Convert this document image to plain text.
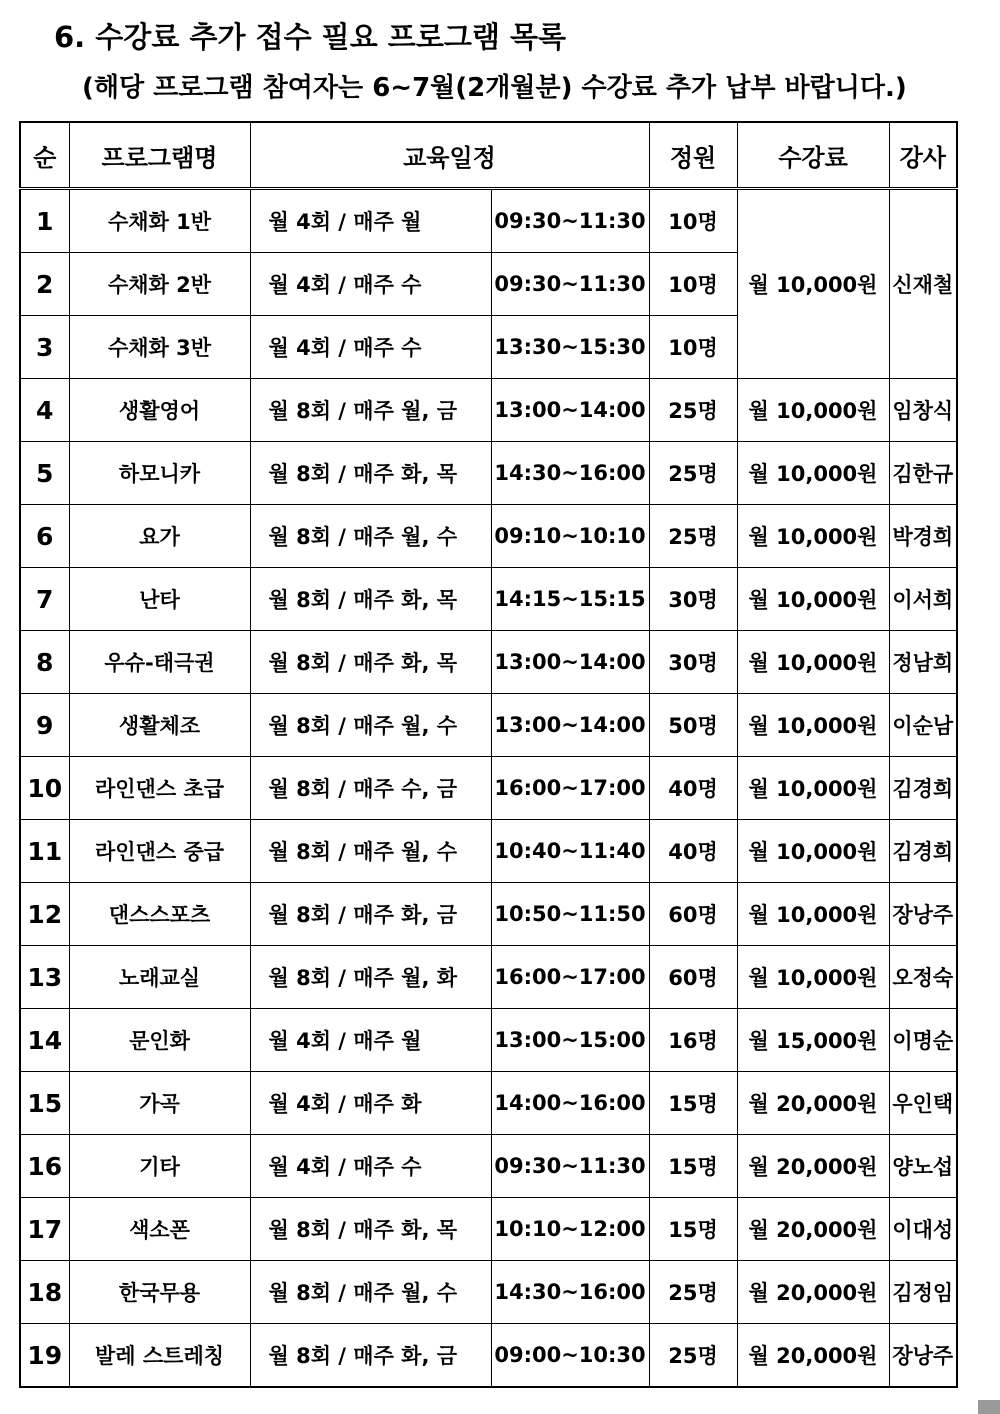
6. 수강료 추가 접수 필요 프로그램 목록
(해당 프로그램 참여자는 6~7월(2개월분) 수강료 추가 납부 바랍니다.)
순	프로그램명	교육일정		정원	수강료	강사
1	수채화 1반	월 4회 / 매주 월	09:30~11:30	10명	월 10,000원	신재철
2	수채화 2반	월 4회 / 매주 수	09:30~11:30	10명		
3	수채화 3반	월 4회 / 매주 수	13:30~15:30	10명		
4	생활영어	월 8회 / 매주 월, 금	13:00~14:00	25명	월 10,000원	임창식
5	하모니카	월 8회 / 매주 화, 목	14:30~16:00	25명	월 10,000원	김한규
6	요가	월 8회 / 매주 월, 수	09:10~10:10	25명	월 10,000원	박경희
7	난타	월 8회 / 매주 화, 목	14:15~15:15	30명	월 10,000원	이서희
8	우슈-태극권	월 8회 / 매주 화, 목	13:00~14:00	30명	월 10,000원	정남희
9	생활체조	월 8회 / 매주 월, 수	13:00~14:00	50명	월 10,000원	이순남
10	라인댄스 초급	월 8회 / 매주 수, 금	16:00~17:00	40명	월 10,000원	김경희
11	라인댄스 중급	월 8회 / 매주 월, 수	10:40~11:40	40명	월 10,000원	김경희
12	댄스스포츠	월 8회 / 매주 화, 금	10:50~11:50	60명	월 10,000원	장낭주
13	노래교실	월 8회 / 매주 월, 화	16:00~17:00	60명	월 10,000원	오정숙
14	문인화	월 4회 / 매주 월	13:00~15:00	16명	월 15,000원	이명순
15	가곡	월 4회 / 매주 화	14:00~16:00	15명	월 20,000원	우인택
16	기타	월 4회 / 매주 수	09:30~11:30	15명	월 20,000원	양노섭
17	색소폰	월 8회 / 매주 화, 목	10:10~12:00	15명	월 20,000원	이대성
18	한국무용	월 8회 / 매주 월, 수	14:30~16:00	25명	월 20,000원	김정임
19	발레 스트레칭	월 8회 / 매주 화, 금	09:00~10:30	25명	월 20,000원	장낭주
